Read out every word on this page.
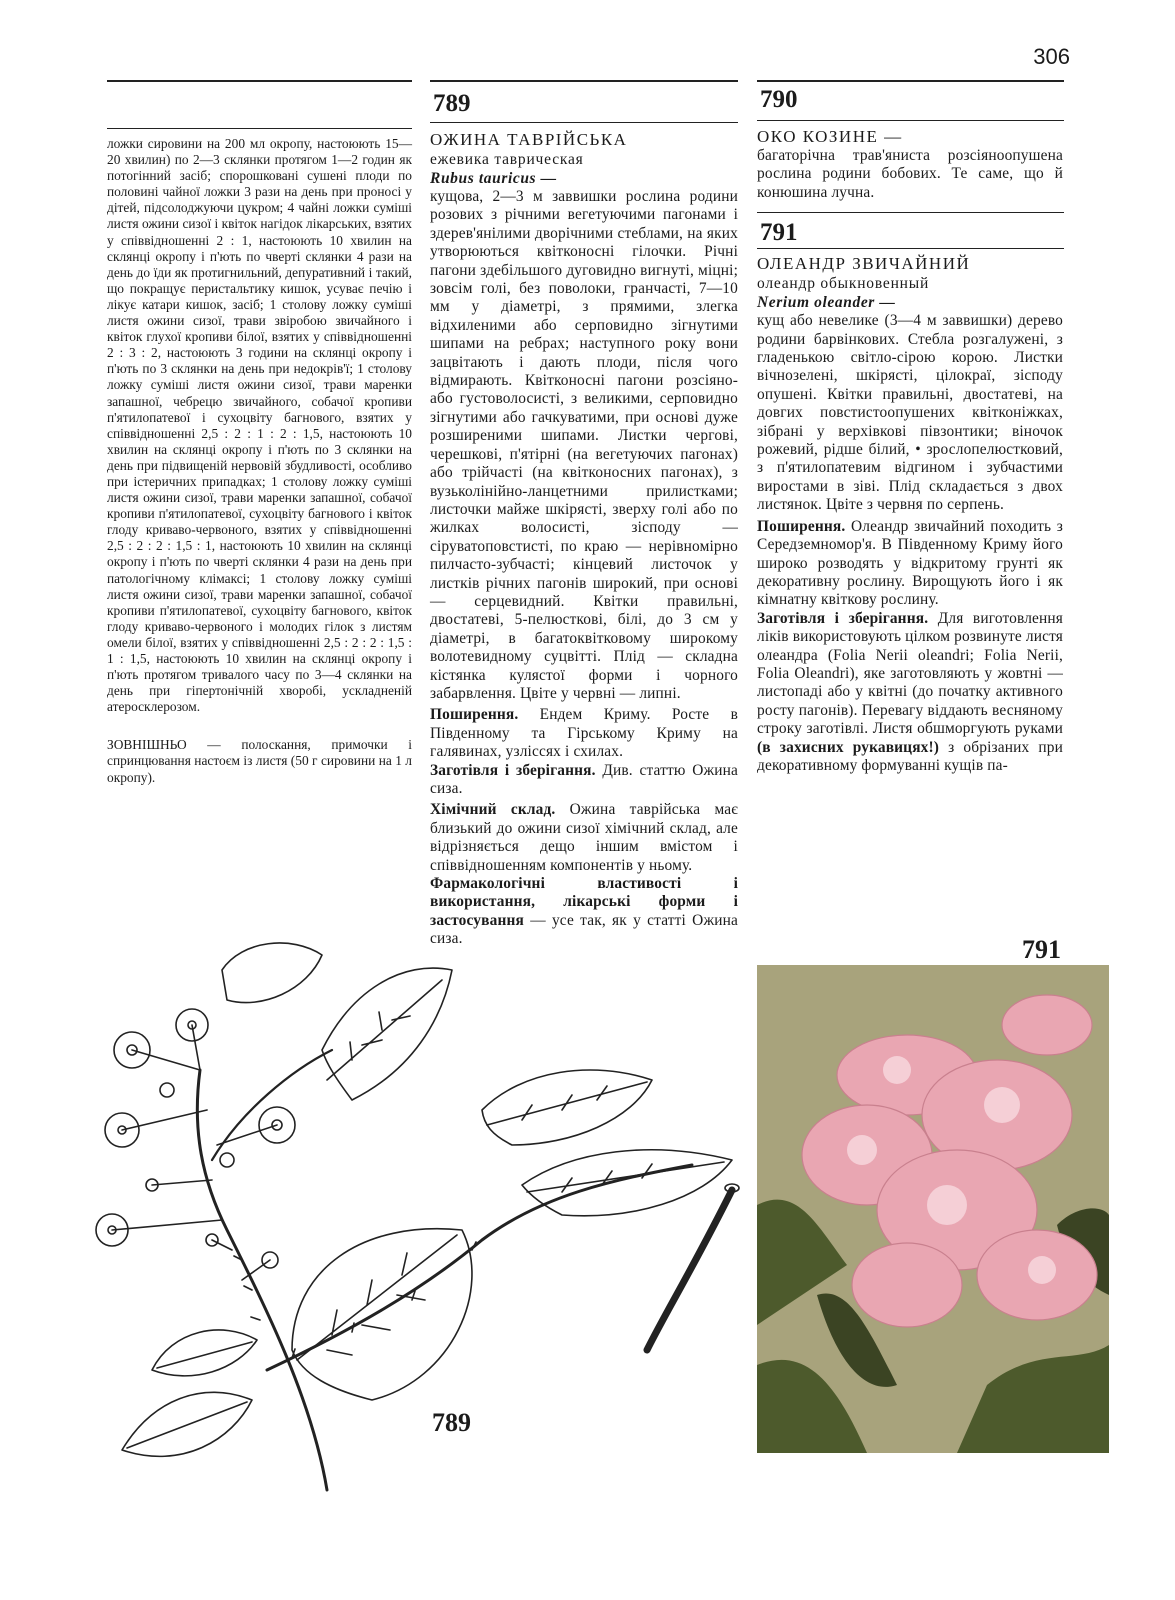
306
789	790
791

ложки сировини на 200 мл окропу, настоюють 15—20 хвилин) по 2—3 склянки протягом 1—2 годин як потогінний засіб; спорошковані сушені плоди по половині чайної ложки 3 рази на день при проносі у дітей, підсолоджуючи цукром; 4 чайні ложки суміші листя ожини сизої і квіток нагідок лікарських, взятих у співвідношенні 2 : 1, настоюють 10 хвилин на склянці окропу і п'ють по чверті склянки 4 рази на день до їди як протигнильний, депуративний і такий, що покращує перистальтику кишок, усуває печію і лікує катари кишок, засіб; 1 столову ложку суміші листя ожини сизої, трави звіробою звичайного і квіток глухої кропиви білої, взятих у співвідношенні 2 : 3 : 2, настоюють 3 години на склянці окропу і п'ють по 3 склянки на день при недокрів'ї; 1 столову ложку суміші листя ожини сизої, трави маренки запашної, чебрецю звичайного, собачої кропиви п'ятилопатевої і сухоцвіту багнового, взятих у співвідношенні 2,5 : 2 : 1 : 2 : 1,5, настоюють 10 хвилин на склянці окропу і п'ють по 3 склянки на день при підвищеній нервовій збудливості, особливо при істеричних припадках; 1 столову ложку суміші листя ожини сизої, трави маренки запашної, собачої кропиви п'ятилопатевої, сухоцвіту багнового і квіток глоду криваво-червоного, взятих у співвідношенні 2,5 : 2 : 2 : 1,5 : 1, настоюють 10 хвилин на склянці окропу і п'ють по чверті склянки 4 рази на день при патологічному клімаксі; 1 столову ложку суміші листя ожини сизої, трави маренки запашної, собачої кропиви п'ятилопатевої, сухоцвіту багнового, квіток глоду криваво-червоного і молодих гілок з листям омели білої, взятих у співвідношенні 2,5 : 2 : 2 : 1,5 : 1 : 1,5, настоюють 10 хвилин на склянці окропу і п'ють протягом тривалого часу по 3—4 склянки на день при гіпертонічній хворобі, ускладненій атеросклерозом.

ЗОВНІШНЬО — полоскання, примочки і спринцювання настоєм із листя (50 г сировини на 1 л окропу).

ОЖИНА ТАВРІЙСЬКА

ежевика таврическая

Rubus tauricus —

кущова, 2—3 м заввишки рослина родини розових з річними вегетуючими пагонами і здерев'янілими дворічними стеблами, на яких утворюються квітконосні гілочки. Річні пагони здебільшого дуговидно вигнуті, міцні; зовсім голі, без поволоки, гранчасті, 7—10 мм у діаметрі, з прямими, злегка відхиленими або серповидно зігнутими шипами на ребрах; наступного року вони зацвітають і дають плоди, після чого відмирають. Квітконосні пагони розсіяно- або густоволосисті, з великими, серповидно зігнутими або гачкуватими, при основі дуже розширеними шипами. Листки чергові, черешкові, п'ятірні (на вегетуючих пагонах) або трійчасті (на квітконосних пагонах), з вузьколінійно-ланцетними прилистками; листочки майже шкірясті, зверху голі або по жилках волосисті, зісподу — сіруватоповстисті, по краю — нерівномірно пилчасто-зубчасті; кінцевий листочок у листків річних пагонів широкий, при основі — серцевидний. Квітки правильні, двостатеві, 5-пелюсткові, білі, до 3 см у діаметрі, в багатоквітковому широкому волотевидному суцвітті. Плід — складна кістянка кулястої форми і чорного забарвлення. Цвіте у червні — липні.

Поширення. Ендем Криму. Росте в Південному та Гірському Криму на галявинах, узліссях і схилах.

Заготівля і зберігання. Див. статтю Ожина сиза.

Хімічний склад. Ожина таврійська має близький до ожини сизої хімічний склад, але відрізняється дещо іншим вмістом і співвідношенням компонентів у ньому.

Фармакологічні властивості і використання, лікарські форми і застосування — усе так, як у статті Ожина сиза.

ОКО КОЗИНЕ —

багаторічна трав'яниста розсіяноопушена рослина родини бобових. Те саме, що й конюшина лучна.

ОЛЕАНДР ЗВИЧАЙНИЙ

олеандр обыкновенный

Nerium oleander —

кущ або невелике (3—4 м заввишки) дерево родини барвінкових. Стебла розгалужені, з гладенькою світло-сірою корою. Листки вічнозелені, шкірясті, цілокраї, зісподу опушені. Квітки правильні, двостатеві, на довгих повстистоопушених квітконіжках, зібрані у верхівкові півзонтики; віночок рожевий, рідше білий, • зрослопелюстковий, з п'ятилопатевим відгином і зубчастими виростами в зіві. Плід складається з двох листянок. Цвіте з червня по серпень.

Поширення. Олеандр звичайний походить з Середземномор'я. В Південному Криму його широко розводять у відкритому грунті як декоративну рослину. Вирощують його і як кімнатну квіткову рослину.

Заготівля і зберігання. Для виготовлення ліків використовують цілком розвинуте листя олеандра (Folia Nerii oleandri; Folia Nerii, Folia Oleandri), яке заготовляють у жовтні — листопаді або у квітні (до початку активного росту пагонів). Перевагу віддають весняному строку заготівлі. Листя обшморгують руками (в захисних рукавицях!) з обрізаних при декоративному формуванні кущів па-

789
791
